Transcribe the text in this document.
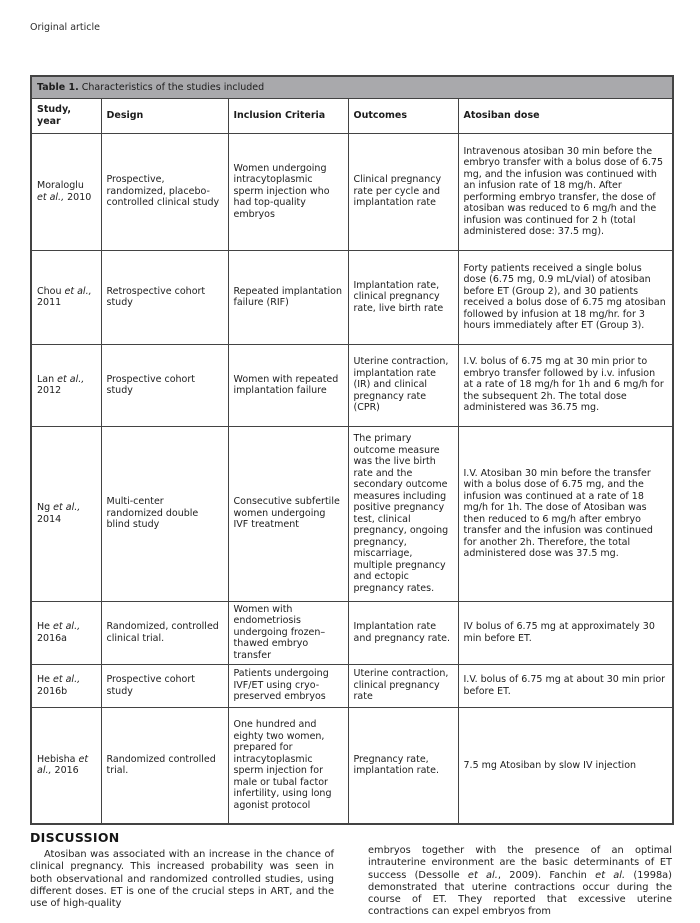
Original article
Table 1. Characteristics of the studies included				
Study, year	Design	Inclusion Criteria	Outcomes	Atosiban dose
Moraloglu et al., 2010	Prospective, randomized, placebo-controlled clinical study	Women undergoing intracytoplasmic sperm injection who had top-quality embryos	Clinical pregnancy rate per cycle and implantation rate	Intravenous atosiban 30 min before the embryo transfer with a bolus dose of 6.75 mg, and the infusion was continued with an infusion rate of 18 mg/h. After performing embryo transfer, the dose of atosiban was reduced to 6 mg/h and the infusion was continued for 2 h (total administered dose: 37.5 mg).
Chou et al., 2011	Retrospective cohort study	Repeated implantation failure (RIF)	Implantation rate, clinical pregnancy rate, live birth rate	Forty patients received a single bolus dose (6.75 mg, 0.9 mL/vial) of atosiban before ET (Group 2), and 30 patients received a bolus dose of 6.75 mg atosiban followed by infusion at 18 mg/hr. for 3 hours immediately after ET (Group 3).
Lan et al., 2012	Prospective cohort study	Women with repeated implantation failure	Uterine contraction, implantation rate (IR) and clinical pregnancy rate (CPR)	I.V. bolus of 6.75 mg at 30 min prior to embryo transfer followed by i.v. infusion at a rate of 18 mg/h for 1h and 6 mg/h for the subsequent 2h. The total dose administered was 36.75 mg.
Ng et al., 2014	Multi-center randomized double blind study	Consecutive subfertile women undergoing IVF treatment	The primary outcome measure was the live birth rate and the secondary outcome measures including positive pregnancy test, clinical pregnancy, ongoing pregnancy, miscarriage, multiple pregnancy and ectopic pregnancy rates.	I.V. Atosiban 30 min before the transfer with a bolus dose of 6.75 mg, and the infusion was continued at a rate of 18 mg/h for 1h. The dose of Atosiban was then reduced to 6 mg/h after embryo transfer and the infusion was continued for another 2h. Therefore, the total administered dose was 37.5 mg.
He et al., 2016a	Randomized, controlled clinical trial.	Women with endometriosis undergoing frozen–thawed embryo transfer	Implantation rate and pregnancy rate.	IV bolus of 6.75 mg at approximately 30 min before ET.
He et al., 2016b	Prospective cohort study	Patients undergoing IVF/ET using cryo-preserved embryos	Uterine contraction, clinical pregnancy rate	I.V. bolus of 6.75 mg at about 30 min prior before ET.
Hebisha et al., 2016	Randomized controlled trial.	One hundred and eighty two women, prepared for intracytoplasmic sperm injection for male or tubal factor infertility, using long agonist protocol	Pregnancy rate, implantation rate.	7.5 mg Atosiban by slow IV injection
DISCUSSION

Atosiban was associated with an increase in the chance of clinical pregnancy. This increased probability was seen in both observational and randomized controlled studies, using different doses. ET is one of the crucial steps in ART, and the use of high-quality

embryos together with the presence of an optimal intrauterine environment are the basic determinants of ET success (Dessolle et al., 2009). Fanchin et al. (1998a) demonstrated that uterine contractions occur during the course of ET. They reported that excessive uterine contractions can expel embryos from
